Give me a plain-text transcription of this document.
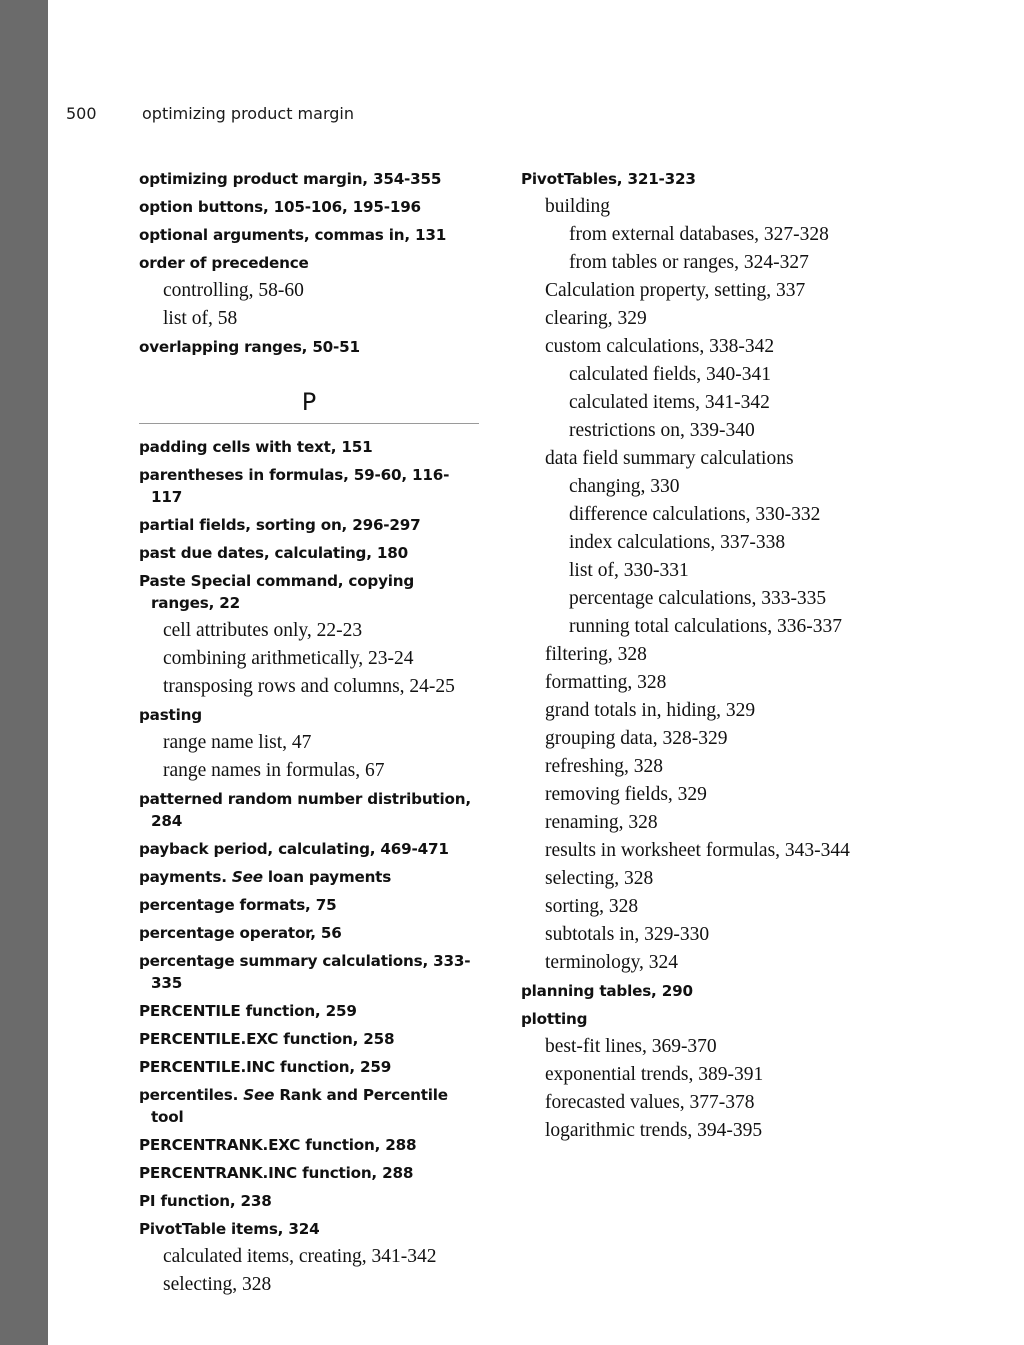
500	optimizing product margin
optimizing product margin, 354-355
option buttons, 105-106, 195-196
optional arguments, commas in, 131
order of precedence
controlling, 58-60
list of, 58
overlapping ranges, 50-51
P
padding cells with text, 151
parentheses in formulas, 59-60, 116-117
partial fields, sorting on, 296-297
past due dates, calculating, 180
Paste Special command, copying ranges, 22
cell attributes only, 22-23
combining arithmetically, 23-24
transposing rows and columns, 24-25
pasting
range name list, 47
range names in formulas, 67
patterned random number distribution, 284
payback period, calculating, 469-471
payments. See loan payments
percentage formats, 75
percentage operator, 56
percentage summary calculations, 333-335
PERCENTILE function, 259
PERCENTILE.EXC function, 258
PERCENTILE.INC function, 259
percentiles. See Rank and Percentile tool
PERCENTRANK.EXC function, 288
PERCENTRANK.INC function, 288
PI function, 238
PivotTable items, 324
calculated items, creating, 341-342
selecting, 328
PivotTables, 321-323
building
from external databases, 327-328
from tables or ranges, 324-327
Calculation property, setting, 337
clearing, 329
custom calculations, 338-342
calculated fields, 340-341
calculated items, 341-342
restrictions on, 339-340
data field summary calculations
changing, 330
difference calculations, 330-332
index calculations, 337-338
list of, 330-331
percentage calculations, 333-335
running total calculations, 336-337
filtering, 328
formatting, 328
grand totals in, hiding, 329
grouping data, 328-329
refreshing, 328
removing fields, 329
renaming, 328
results in worksheet formulas, 343-344
selecting, 328
sorting, 328
subtotals in, 329-330
terminology, 324
planning tables, 290
plotting
best-fit lines, 369-370
exponential trends, 389-391
forecasted values, 377-378
logarithmic trends, 394-395
